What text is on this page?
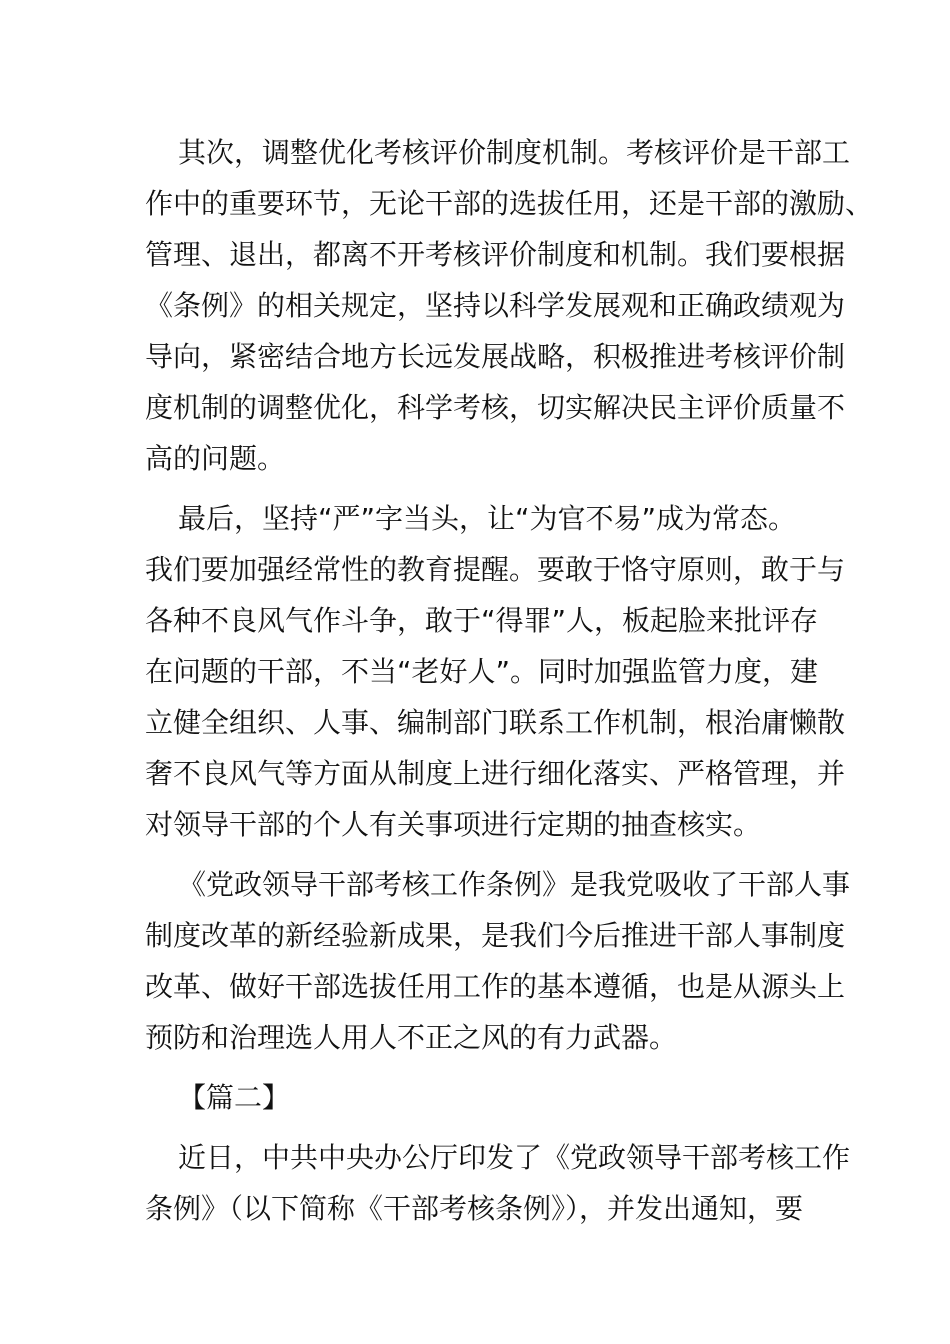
其次，调整优化考核评价制度机制。考核评价是干部工
作中的重要环节，无论干部的选拔任用，还是干部的激励、
管理、退出，都离不开考核评价制度和机制。我们要根据
《条例》的相关规定，坚持以科学发展观和正确政绩观为
导向，紧密结合地方长远发展战略，积极推进考核评价制
度机制的调整优化，科学考核，切实解决民主评价质量不
高的问题。
最后，坚持“严”字当头，让“为官不易”成为常态。
我们要加强经常性的教育提醒。要敢于恪守原则，敢于与
各种不良风气作斗争，敢于“得罪”人，板起脸来批评存
在问题的干部，不当“老好人”。同时加强监管力度，建
立健全组织、人事、编制部门联系工作机制，根治庸懒散
奢不良风气等方面从制度上进行细化落实、严格管理，并
对领导干部的个人有关事项进行定期的抽查核实。
《党政领导干部考核工作条例》是我党吸收了干部人事
制度改革的新经验新成果，是我们今后推进干部人事制度
改革、做好干部选拔任用工作的基本遵循，也是从源头上
预防和治理选人用人不正之风的有力武器。
【篇二】
近日，中共中央办公厅印发了《党政领导干部考核工作
条例》（以下简称《干部考核条例》），并发出通知，要
